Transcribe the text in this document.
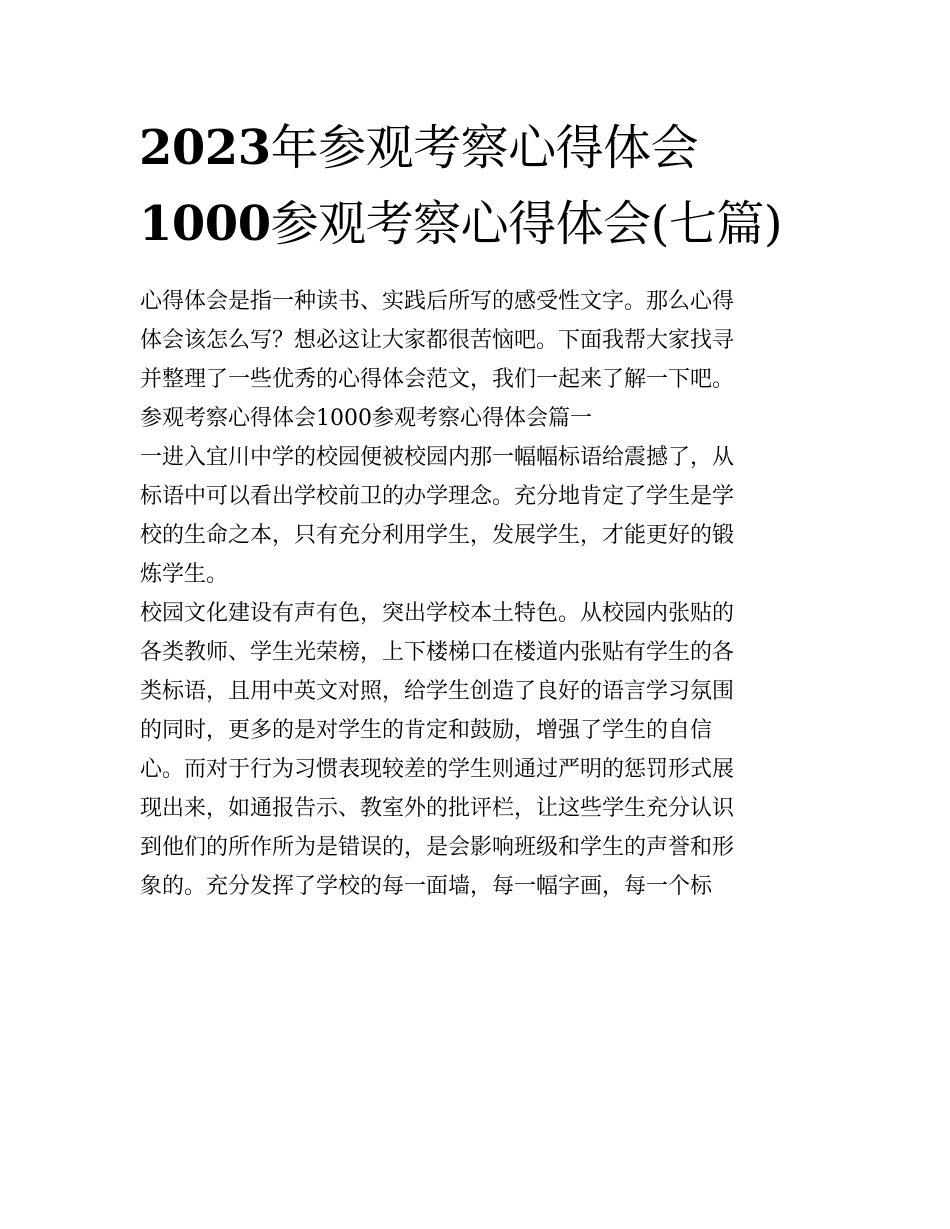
2023年参观考察心得体会
1000参观考察心得体会(七篇)
心得体会是指一种读书、实践后所写的感受性文字。那么心得
体会该怎么写？想必这让大家都很苦恼吧。下面我帮大家找寻
并整理了一些优秀的心得体会范文，我们一起来了解一下吧。
参观考察心得体会1000参观考察心得体会篇一
一进入宜川中学的校园便被校园内那一幅幅标语给震撼了，从
标语中可以看出学校前卫的办学理念。充分地肯定了学生是学
校的生命之本，只有充分利用学生，发展学生，才能更好的锻
炼学生。
校园文化建设有声有色，突出学校本土特色。从校园内张贴的
各类教师、学生光荣榜，上下楼梯口在楼道内张贴有学生的各
类标语，且用中英文对照，给学生创造了良好的语言学习氛围
的同时，更多的是对学生的肯定和鼓励，增强了学生的自信
心。而对于行为习惯表现较差的学生则通过严明的惩罚形式展
现出来，如通报告示、教室外的批评栏，让这些学生充分认识
到他们的所作所为是错误的，是会影响班级和学生的声誉和形
象的。充分发挥了学校的每一面墙，每一幅字画，每一个标
